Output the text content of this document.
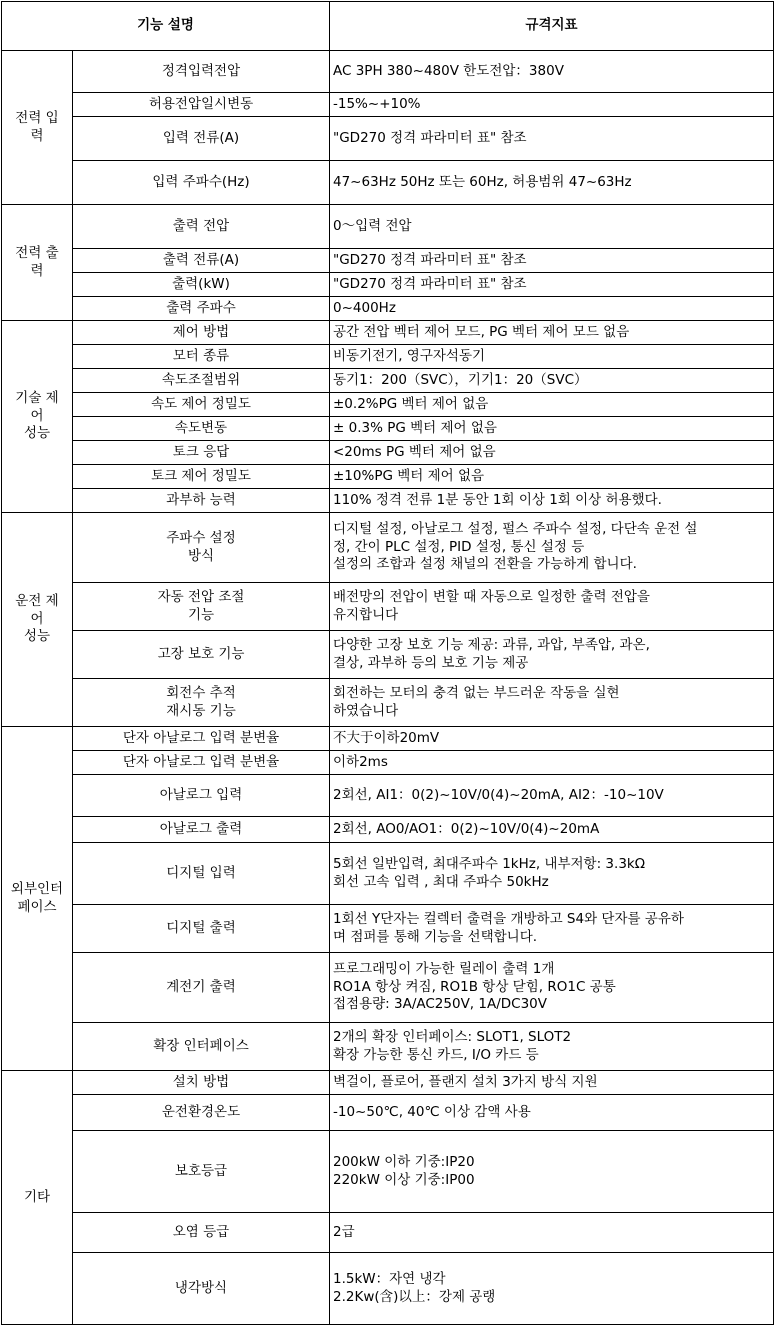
기능 설명		규격지표

전력 입
력	정격입력전압	AC 3PH 380~480V 한도전압：380V

	허용전압일시변동	-15%~+10%

	입력 전류(A)	"GD270 정격 파라미터 표" 참조

	입력 주파수(Hz)	47~63Hz 50Hz 또는 60Hz, 허용범위 47~63Hz

전력 출
력	출력 전압	0～입력 전압

	출력 전류(A)	"GD270 정격 파라미터 표" 참조

	출력(kW)	"GD270 정격 파라미터 표" 참조

	출력 주파수	0~400Hz

기술 제
어
성능	제어 방법	공간 전압 벡터 제어 모드, PG 벡터 제어 모드 없음

	모터 종류	비동기전기, 영구자석동기

	속도조절범위	동기1：200（SVC），기기1：20（SVC）

	속도 제어 정밀도	±0.2%PG 벡터 제어 없음

	속도변동	± 0.3% PG 벡터 제어 없음

	토크 응답	<20ms PG 벡터 제어 없음

	토크 제어 정밀도	±10%PG 벡터 제어 없음

	과부하 능력	110% 정격 전류 1분 동안 1회 이상 1회 이상 허용했다.

운전 제
어
성능	주파수 설정
방식	디지털 설정, 아날로그 설정, 펄스 주파수 설정, 다단속 운전 설
정, 간이 PLC 설정, PID 설정, 통신 설정 등
설정의 조합과 설정 채널의 전환을 가능하게 합니다.

	자동 전압 조절
기능	배전망의 전압이 변할 때 자동으로 일정한 출력 전압을
유지합니다

	고장 보호 기능	다양한 고장 보호 기능 제공: 과류, 과압, 부족압, 과온,
결상, 과부하 등의 보호 기능 제공

	회전수 추적
재시동 기능	회전하는 모터의 충격 없는 부드러운 작동을 실현
하였습니다

외부인터
페이스	단자 아날로그 입력 분변율	不大于이하20mV

	단자 아날로그 입력 분변율	이하2ms

	아날로그 입력	2회선, AI1：0(2)~10V/0(4)~20mA, AI2：-10~10V

	아날로그 출력	2회선, AO0/AO1：0(2)~10V/0(4)~20mA

	디지털 입력	5회선 일반입력, 최대주파수 1kHz, 내부저항: 3.3kΩ
회선 고속 입력 , 최대 주파수 50kHz

	디지털 출력	1회선 Y단자는 컬렉터 출력을 개방하고 S4와 단자를 공유하
며 점퍼를 통해 기능을 선택합니다.

	계전기 출력	프로그래밍이 가능한 릴레이 출력 1개
RO1A 항상 켜짐, RO1B 항상 닫힘, RO1C 공통
접점용량: 3A/AC250V, 1A/DC30V

	확장 인터페이스	2개의 확장 인터페이스: SLOT1, SLOT2
확장 가능한 통신 카드, I/O 카드 등

기타	설치 방법	벽걸이, 플로어, 플랜지 설치 3가지 방식 지원

	운전환경온도	-10~50℃, 40℃ 이상 감액 사용

	보호등급	200kW 이하 기중:IP20
220kW 이상 기중:IP00

	오염 등급	2급

	냉각방식	1.5kW：자연 냉각
2.2Kw(含)以上：강제 공랭
